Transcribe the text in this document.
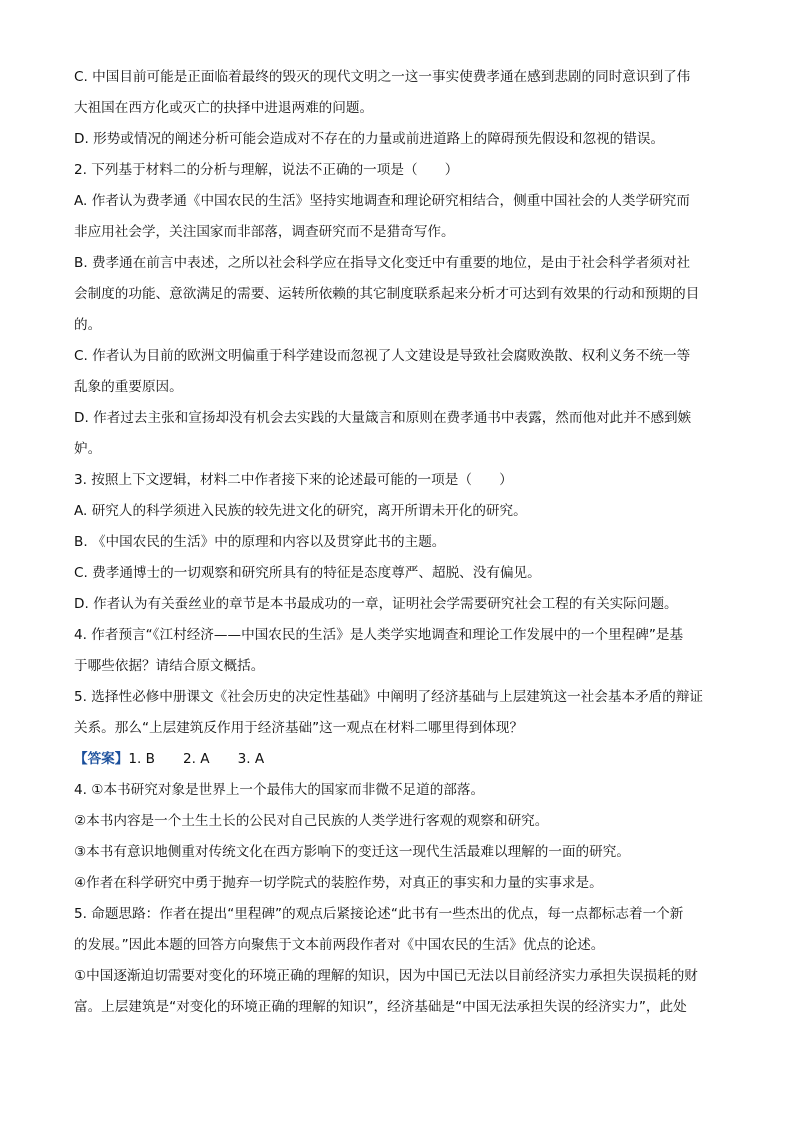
C. 中国目前可能是正面临着最终的毁灭的现代文明之一这一事实使费孝通在感到悲剧的同时意识到了伟
大祖国在西方化或灭亡的抉择中进退两难的问题。
D. 形势或情况的阐述分析可能会造成对不存在的力量或前进道路上的障碍预先假设和忽视的错误。
2. 下列基于材料二的分析与理解，说法不正确的一项是（　　）
A. 作者认为费孝通《中国农民的生活》坚持实地调查和理论研究相结合，侧重中国社会的人类学研究而
非应用社会学，关注国家而非部落，调查研究而不是猎奇写作。
B. 费孝通在前言中表述，之所以社会科学应在指导文化变迁中有重要的地位，是由于社会科学者须对社
会制度的功能、意欲满足的需要、运转所依赖的其它制度联系起来分析才可达到有效果的行动和预期的目
的。
C. 作者认为目前的欧洲文明偏重于科学建设而忽视了人文建设是导致社会腐败涣散、权利义务不统一等
乱象的重要原因。
D. 作者过去主张和宣扬却没有机会去实践的大量箴言和原则在费孝通书中表露，然而他对此并不感到嫉
妒。
3. 按照上下文逻辑，材料二中作者接下来的论述最可能的一项是（　　）
A. 研究人的科学须进入民族的较先进文化的研究，离开所谓未开化的研究。
B. 《中国农民的生活》中的原理和内容以及贯穿此书的主题。
C. 费孝通博士的一切观察和研究所具有的特征是态度尊严、超脱、没有偏见。
D. 作者认为有关蚕丝业的章节是本书最成功的一章，证明社会学需要研究社会工程的有关实际问题。
4. 作者预言“《江村经济——中国农民的生活》是人类学实地调查和理论工作发展中的一个里程碑”是基
于哪些依据？请结合原文概括。
5. 选择性必修中册课文《社会历史的决定性基础》中阐明了经济基础与上层建筑这一社会基本矛盾的辩证
关系。那么“上层建筑反作用于经济基础”这一观点在材料二哪里得到体现？
【答案】1. B 2. A 3. A
4. ①本书研究对象是世界上一个最伟大的国家而非微不足道的部落。
②本书内容是一个土生土长的公民对自己民族的人类学进行客观的观察和研究。
③本书有意识地侧重对传统文化在西方影响下的变迁这一现代生活最难以理解的一面的研究。
④作者在科学研究中勇于抛弃一切学院式的装腔作势，对真正的事实和力量的实事求是。
5. 命题思路：作者在提出“里程碑”的观点后紧接论述“此书有一些杰出的优点，每一点都标志着一个新
的发展。”因此本题的回答方向聚焦于文本前两段作者对《中国农民的生活》优点的论述。
①中国逐渐迫切需要对变化的环境正确的理解的知识，因为中国已无法以目前经济实力承担失误损耗的财
富。上层建筑是“对变化的环境正确的理解的知识”，经济基础是“中国无法承担失误的经济实力”，此处
